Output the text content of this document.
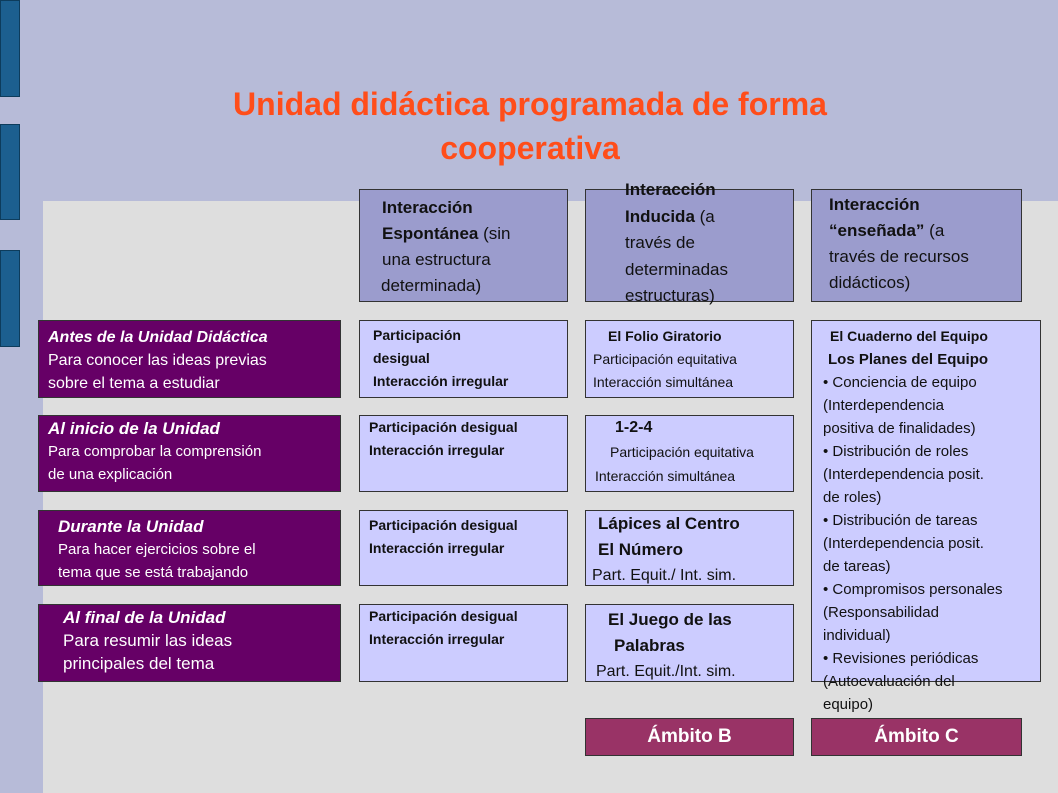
Unidad didáctica programada de forma
cooperativa
Interacción
Espontánea (sin
una estructura
determinada)
Interacción
Inducida (a
través de
determinadas
estructuras)
Interacción
“enseñada” (a
través de recursos
didácticos)
Antes de la Unidad Didáctica
Para conocer las ideas previas
sobre el tema a estudiar
Al inicio de la Unidad
Para comprobar la comprensión
de una explicación
Durante la Unidad
Para hacer ejercicios sobre el
tema que se está trabajando
Al final de la Unidad
Para resumir las ideas
principales del tema
Participación
desigual
Interacción irregular
Participación desigual
Interacción irregular
Participación desigual
Interacción irregular
Participación desigual
Interacción irregular
El Folio Giratorio
Participación equitativa
Interacción simultánea
1-2-4
Participación equitativa
Interacción simultánea
Lápices al Centro
El Número
Part. Equit./ Int. sim.
El Juego de las
Palabras
Part. Equit./Int. sim.
El Cuaderno del Equipo
Los Planes del Equipo
• Conciencia de equipo
(Interdependencia
positiva de finalidades)
• Distribución de roles
(Interdependencia posit.
de roles)
• Distribución de tareas
(Interdependencia posit.
de tareas)
• Compromisos personales
(Responsabilidad
individual)
• Revisiones periódicas
(Autoevaluación del
equipo)
Ámbito B	Ámbito C
